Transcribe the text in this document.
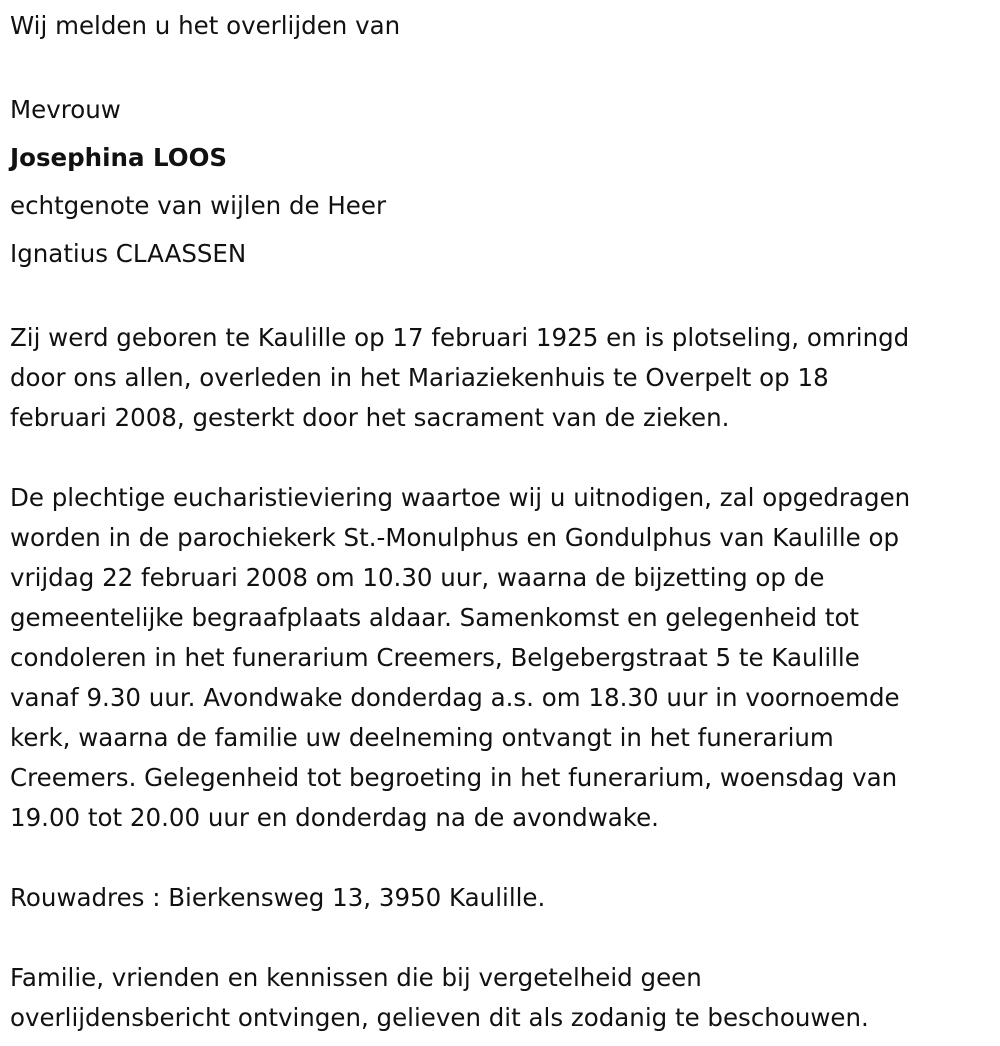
Wij melden u het overlijden van

Mevrouw

Josephina LOOS

echtgenote van wijlen de Heer

Ignatius CLAASSEN

Zij werd geboren te Kaulille op 17 februari 1925 en is plotseling, omringd

door ons allen, overleden in het Mariaziekenhuis te Overpelt op 18

februari 2008, gesterkt door het sacrament van de zieken.

De plechtige eucharistieviering waartoe wij u uitnodigen, zal opgedragen

worden in de parochiekerk St.-Monulphus en Gondulphus van Kaulille op

vrijdag 22 februari 2008 om 10.30 uur, waarna de bijzetting op de

gemeentelijke begraafplaats aldaar. Samenkomst en gelegenheid tot

condoleren in het funerarium Creemers, Belgebergstraat 5 te Kaulille

vanaf 9.30 uur. Avondwake donderdag a.s. om 18.30 uur in voornoemde

kerk, waarna de familie uw deelneming ontvangt in het funerarium

Creemers. Gelegenheid tot begroeting in het funerarium, woensdag van

19.00 tot 20.00 uur en donderdag na de avondwake.

Rouwadres : Bierkensweg 13, 3950 Kaulille.

Familie, vrienden en kennissen die bij vergetelheid geen

overlijdensbericht ontvingen, gelieven dit als zodanig te beschouwen.
